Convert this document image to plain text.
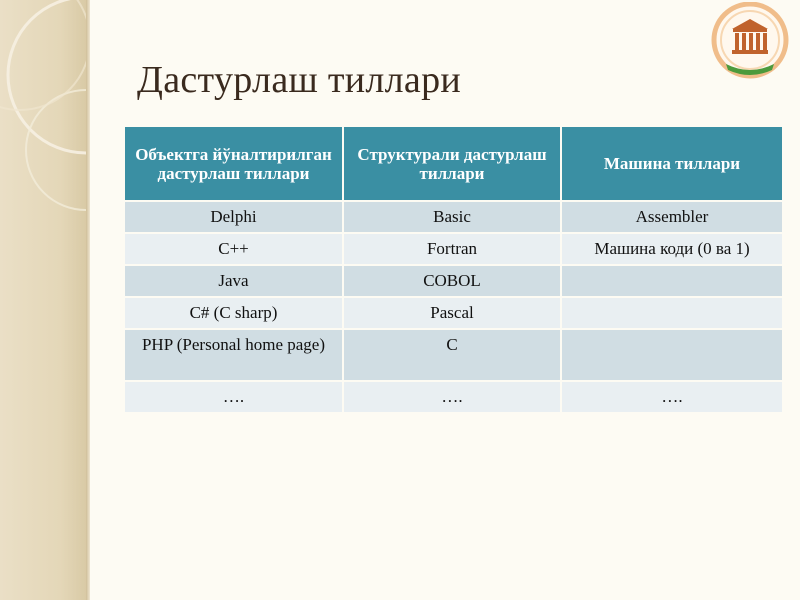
Дастурлаш тиллари
Объектга йўналтирилган дастурлаш тиллари	Структурали дастурлаш тиллари	Машина тиллари
Delphi	Basic	Assembler
C++	Fortran	Машина коди (0 ва 1)
Java	COBOL	
C# (C sharp)	Pascal	
PHP (Personal home page)	C	
….	….	….
